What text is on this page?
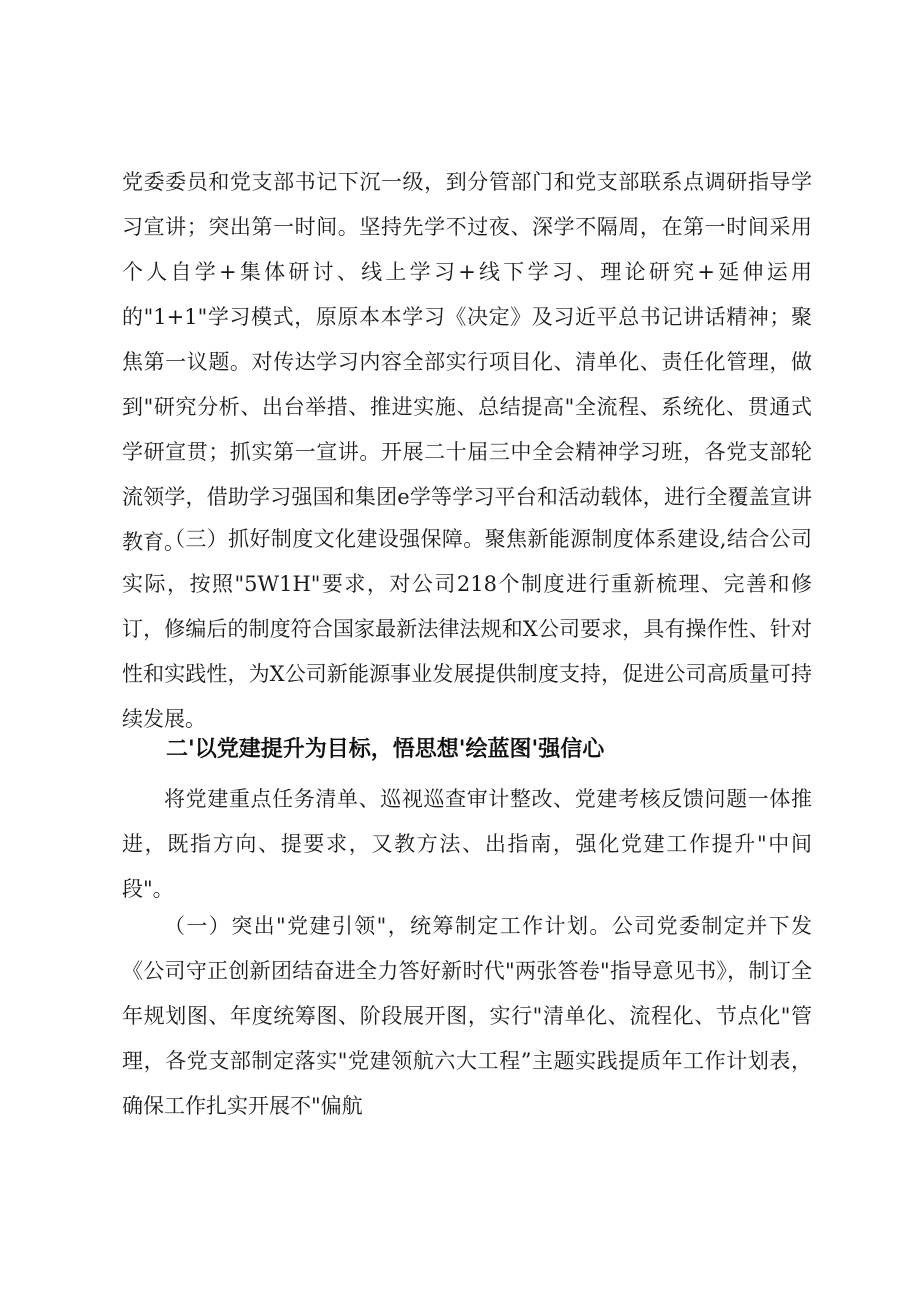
党委委员和党支部书记下沉一级，到分管部门和党支部联系点调研指导学习宣讲；突出第一时间。坚持先学不过夜、深学不隔周，在第一时间采用个人自学+集体研讨、线上学习+线下学习、理论研究+延伸运用的"1+1"学习模式，原原本本学习《决定》及习近平总书记讲话精神；聚焦第一议题。对传达学习内容全部实行项目化、清单化、责任化管理，做到"研究分析、出台举措、推进实施、总结提高"全流程、系统化、贯通式学研宣贯；抓实第一宣讲。开展二十届三中全会精神学习班，各党支部轮流领学，借助学习强国和集团e学等学习平台和活动载体，进行全覆盖宣讲教育。

（三）抓好制度文化建设强保障。聚焦新能源制度体系建设,结合公司实际，按照"5W1H"要求，对公司218个制度进行重新梳理、完善和修订，修编后的制度符合国家最新法律法规和X公司要求，具有操作性、针对性和实践性，为X公司新能源事业发展提供制度支持，促进公司高质量可持续发展。

二'以党建提升为目标，悟思想'绘蓝图'强信心

将党建重点任务清单、巡视巡查审计整改、党建考核反馈问题一体推进，既指方向、提要求，又教方法、出指南，强化党建工作提升"中间段"。

（一）突出"党建引领"，统筹制定工作计划。公司党委制定并下发《公司守正创新团结奋进全力答好新时代"两张答卷"指导意见书》，制订全年规划图、年度统筹图、阶段展开图，实行"清单化、流程化、节点化"管理，各党支部制定落实"党建领航六大工程”主题实践提质年工作计划表，确保工作扎实开展不"偏航
